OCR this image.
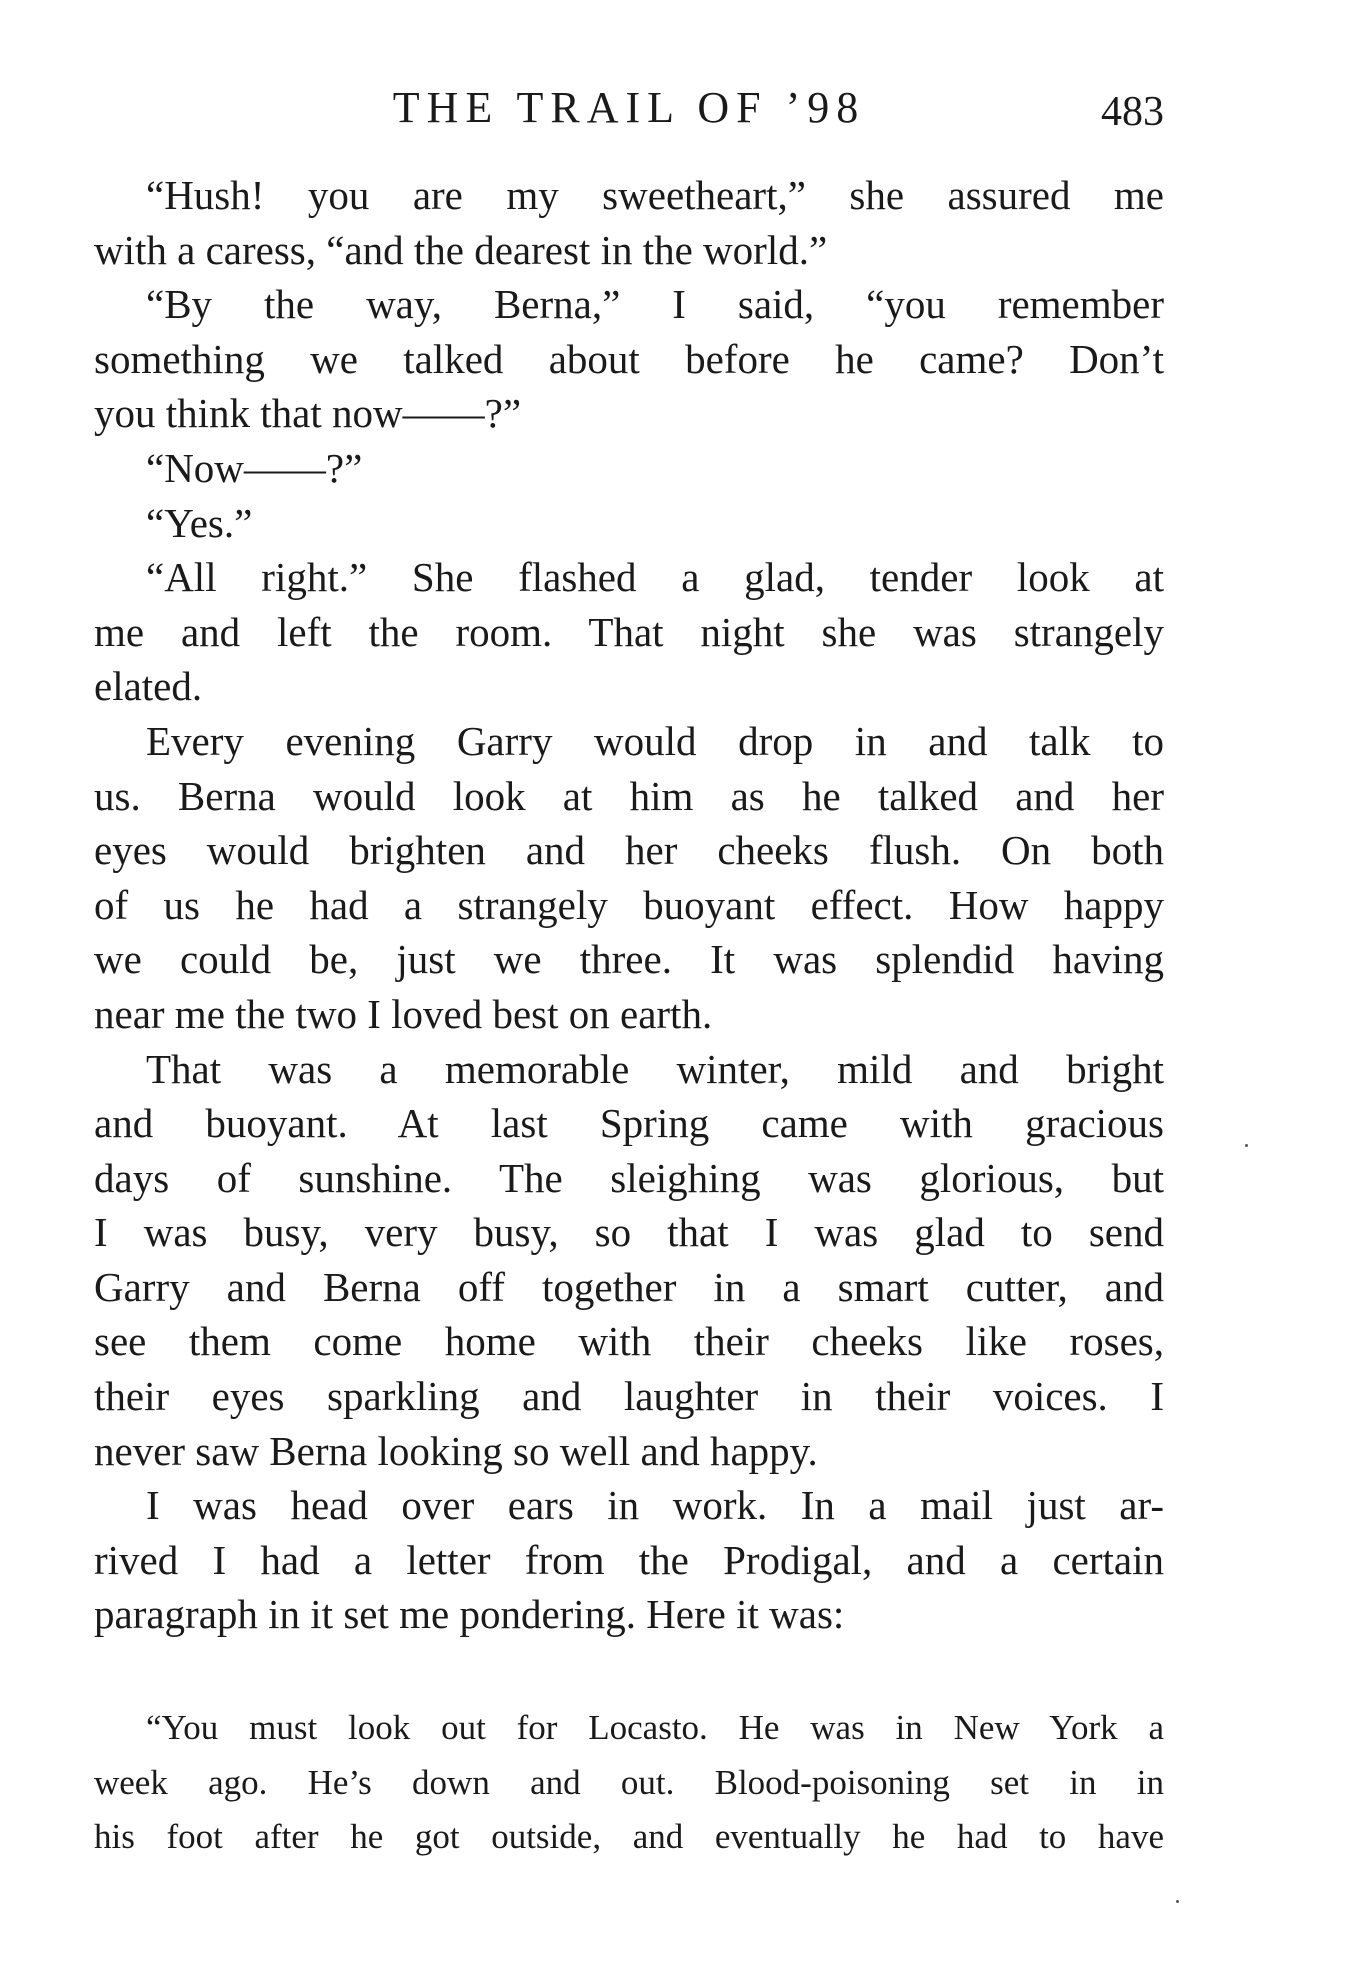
THE TRAIL OF ’98	483
“Hush! you are my sweetheart,” she assured me
with a caress, “and the dearest in the world.”
“By the way, Berna,” I said, “you remember
something we talked about before he came? Don’t
you think that now——?”
“Now——?”
“Yes.”
“All right.” She flashed a glad, tender look at
me and left the room. That night she was strangely
elated.
Every evening Garry would drop in and talk to
us. Berna would look at him as he talked and her
eyes would brighten and her cheeks flush. On both
of us he had a strangely buoyant effect. How happy
we could be, just we three. It was splendid having
near me the two I loved best on earth.
That was a memorable winter, mild and bright
and buoyant. At last Spring came with gracious
days of sunshine. The sleighing was glorious, but
I was busy, very busy, so that I was glad to send
Garry and Berna off together in a smart cutter, and
see them come home with their cheeks like roses,
their eyes sparkling and laughter in their voices. I
never saw Berna looking so well and happy.
I was head over ears in work. In a mail just ar-
rived I had a letter from the Prodigal, and a certain
paragraph in it set me pondering. Here it was:
“You must look out for Locasto. He was in New York a
week ago. He’s down and out. Blood-poisoning set in in
his foot after he got outside, and eventually he had to have
